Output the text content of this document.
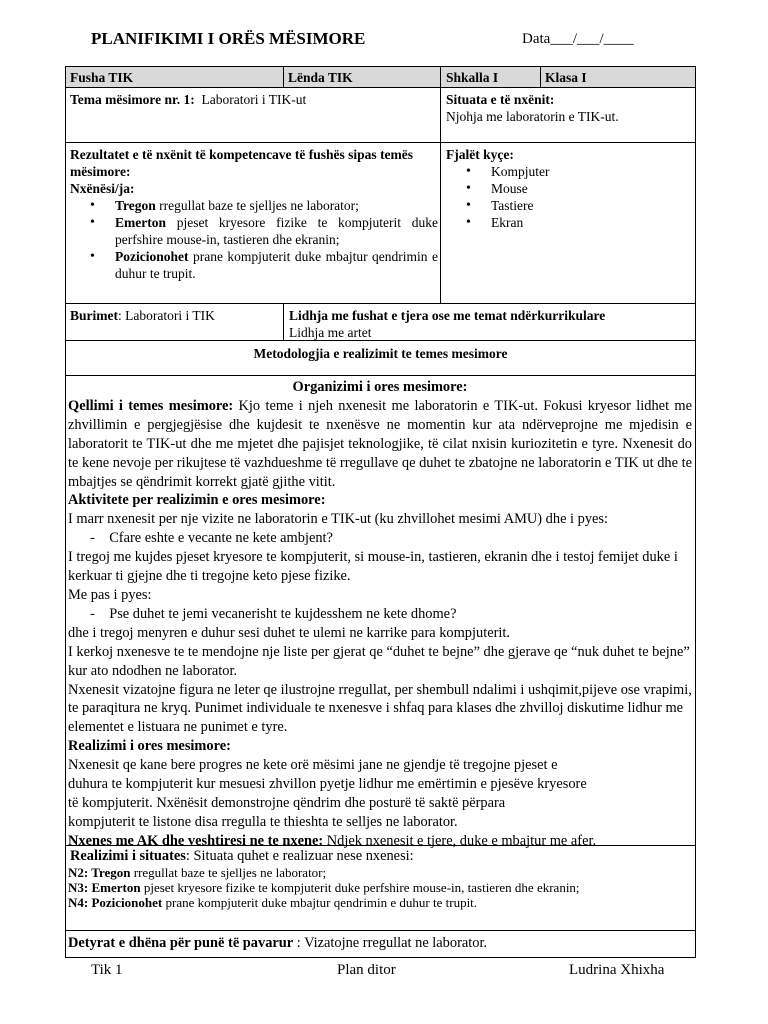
PLANIFIKIMI I ORËS MËSIMORE	Data___/___/____
Fusha TIK	Lënda TIK	Shkalla I	Klasa I
Tema mësimore nr. 1: Laboratori i TIK-ut	Situata e të nxënit:
Njohja me laboratorin e TIK-ut.
Rezultatet e të nxënit të kompetencave të fushës sipas temës mësimore:
Nxënësi/ja:
• Tregon rregullat baze te sjelljes ne laborator;
• Emerton pjeset kryesore fizike te kompjuterit duke perfshire mouse-in, tastieren dhe ekranin;
• Pozicionohet prane kompjuterit duke mbajtur qendrimin e duhur te trupit.
Fjalët kyçe:
• Kompjuter
• Mouse
• Tastiere
• Ekran
Burimet: Laboratori i TIK	Lidhja me fushat e tjera ose me temat ndërkurrikulare
Lidhja me artet
Metodologjia e realizimit te temes mesimore
Organizimi i ores mesimore:
Qellimi i temes mesimore: Kjo teme i njeh nxenesit me laboratorin e TIK-ut. Fokusi kryesor lidhet me zhvillimin e pergjegjësise dhe kujdesit te nxenësve ne momentin kur ata ndërveprojne me mjedisin e laboratorit te TIK-ut dhe me mjetet dhe pajisjet teknologjike, të cilat nxisin kuriozitetin e tyre. Nxenesit do te kene nevoje per rikujtese të vazhdueshme të rregullave qe duhet te zbatojne ne laboratorin e TIK ut dhe te mbajtjes se qëndrimit korrekt gjatë gjithe vitit.
Aktivitete per realizimin e ores mesimore:
I marr nxenesit per nje vizite ne laboratorin e TIK-ut (ku zhvillohet mesimi AMU) dhe i pyes:
-    Cfare eshte e vecante ne kete ambjent?
I tregoj me kujdes pjeset kryesore te kompjuterit, si mouse-in, tastieren, ekranin dhe i testoj femijet duke i kerkuar ti gjejne dhe ti tregojne keto pjese fizike.
Me pas i pyes:
-    Pse duhet te jemi vecanerisht te kujdesshem ne kete dhome?
dhe i tregoj menyren e duhur sesi duhet te ulemi ne karrike para kompjuterit.
I kerkoj nxenesve te te mendojne nje liste per gjerat qe “duhet te bejne” dhe gjerave qe “nuk duhet te bejne” kur ato ndodhen ne laborator.
Nxenesit vizatojne figura ne leter qe ilustrojne rregullat, per shembull ndalimi i ushqimit,pijeve ose vrapimi, te paraqitura ne kryq. Punimet individuale te nxenesve i shfaq para klases dhe zhvilloj diskutime lidhur me elementet e listuara ne punimet e tyre.
Realizimi i ores mesimore:
Nxenesit qe kane bere progres ne kete orë mësimi jane ne gjendje të tregojne pjeset e
duhura te kompjuterit kur mesuesi zhvillon pyetje lidhur me emërtimin e pjesëve kryesore
të kompjuterit. Nxënësit demonstrojne qëndrim dhe posturë të saktë përpara
kompjuterit te listone disa rregulla te thieshta te selljes ne laborator.
Nxenes me AK dhe veshtiresi ne te nxene: Ndjek nxenesit e tjere, duke e mbajtur me afer.
Realizimi i situates: Situata quhet e realizuar nese nxenesi:
N2: Tregon rregullat baze te sjelljes ne laborator;
N3: Emerton pjeset kryesore fizike te kompjuterit duke perfshire mouse-in, tastieren dhe ekranin;
N4: Pozicionohet prane kompjuterit duke mbajtur qendrimin e duhur te trupit.
Detyrat e dhëna për punë të pavarur : Vizatojne rregullat ne laborator.
Tik 1	Plan ditor	Ludrina Xhixha
